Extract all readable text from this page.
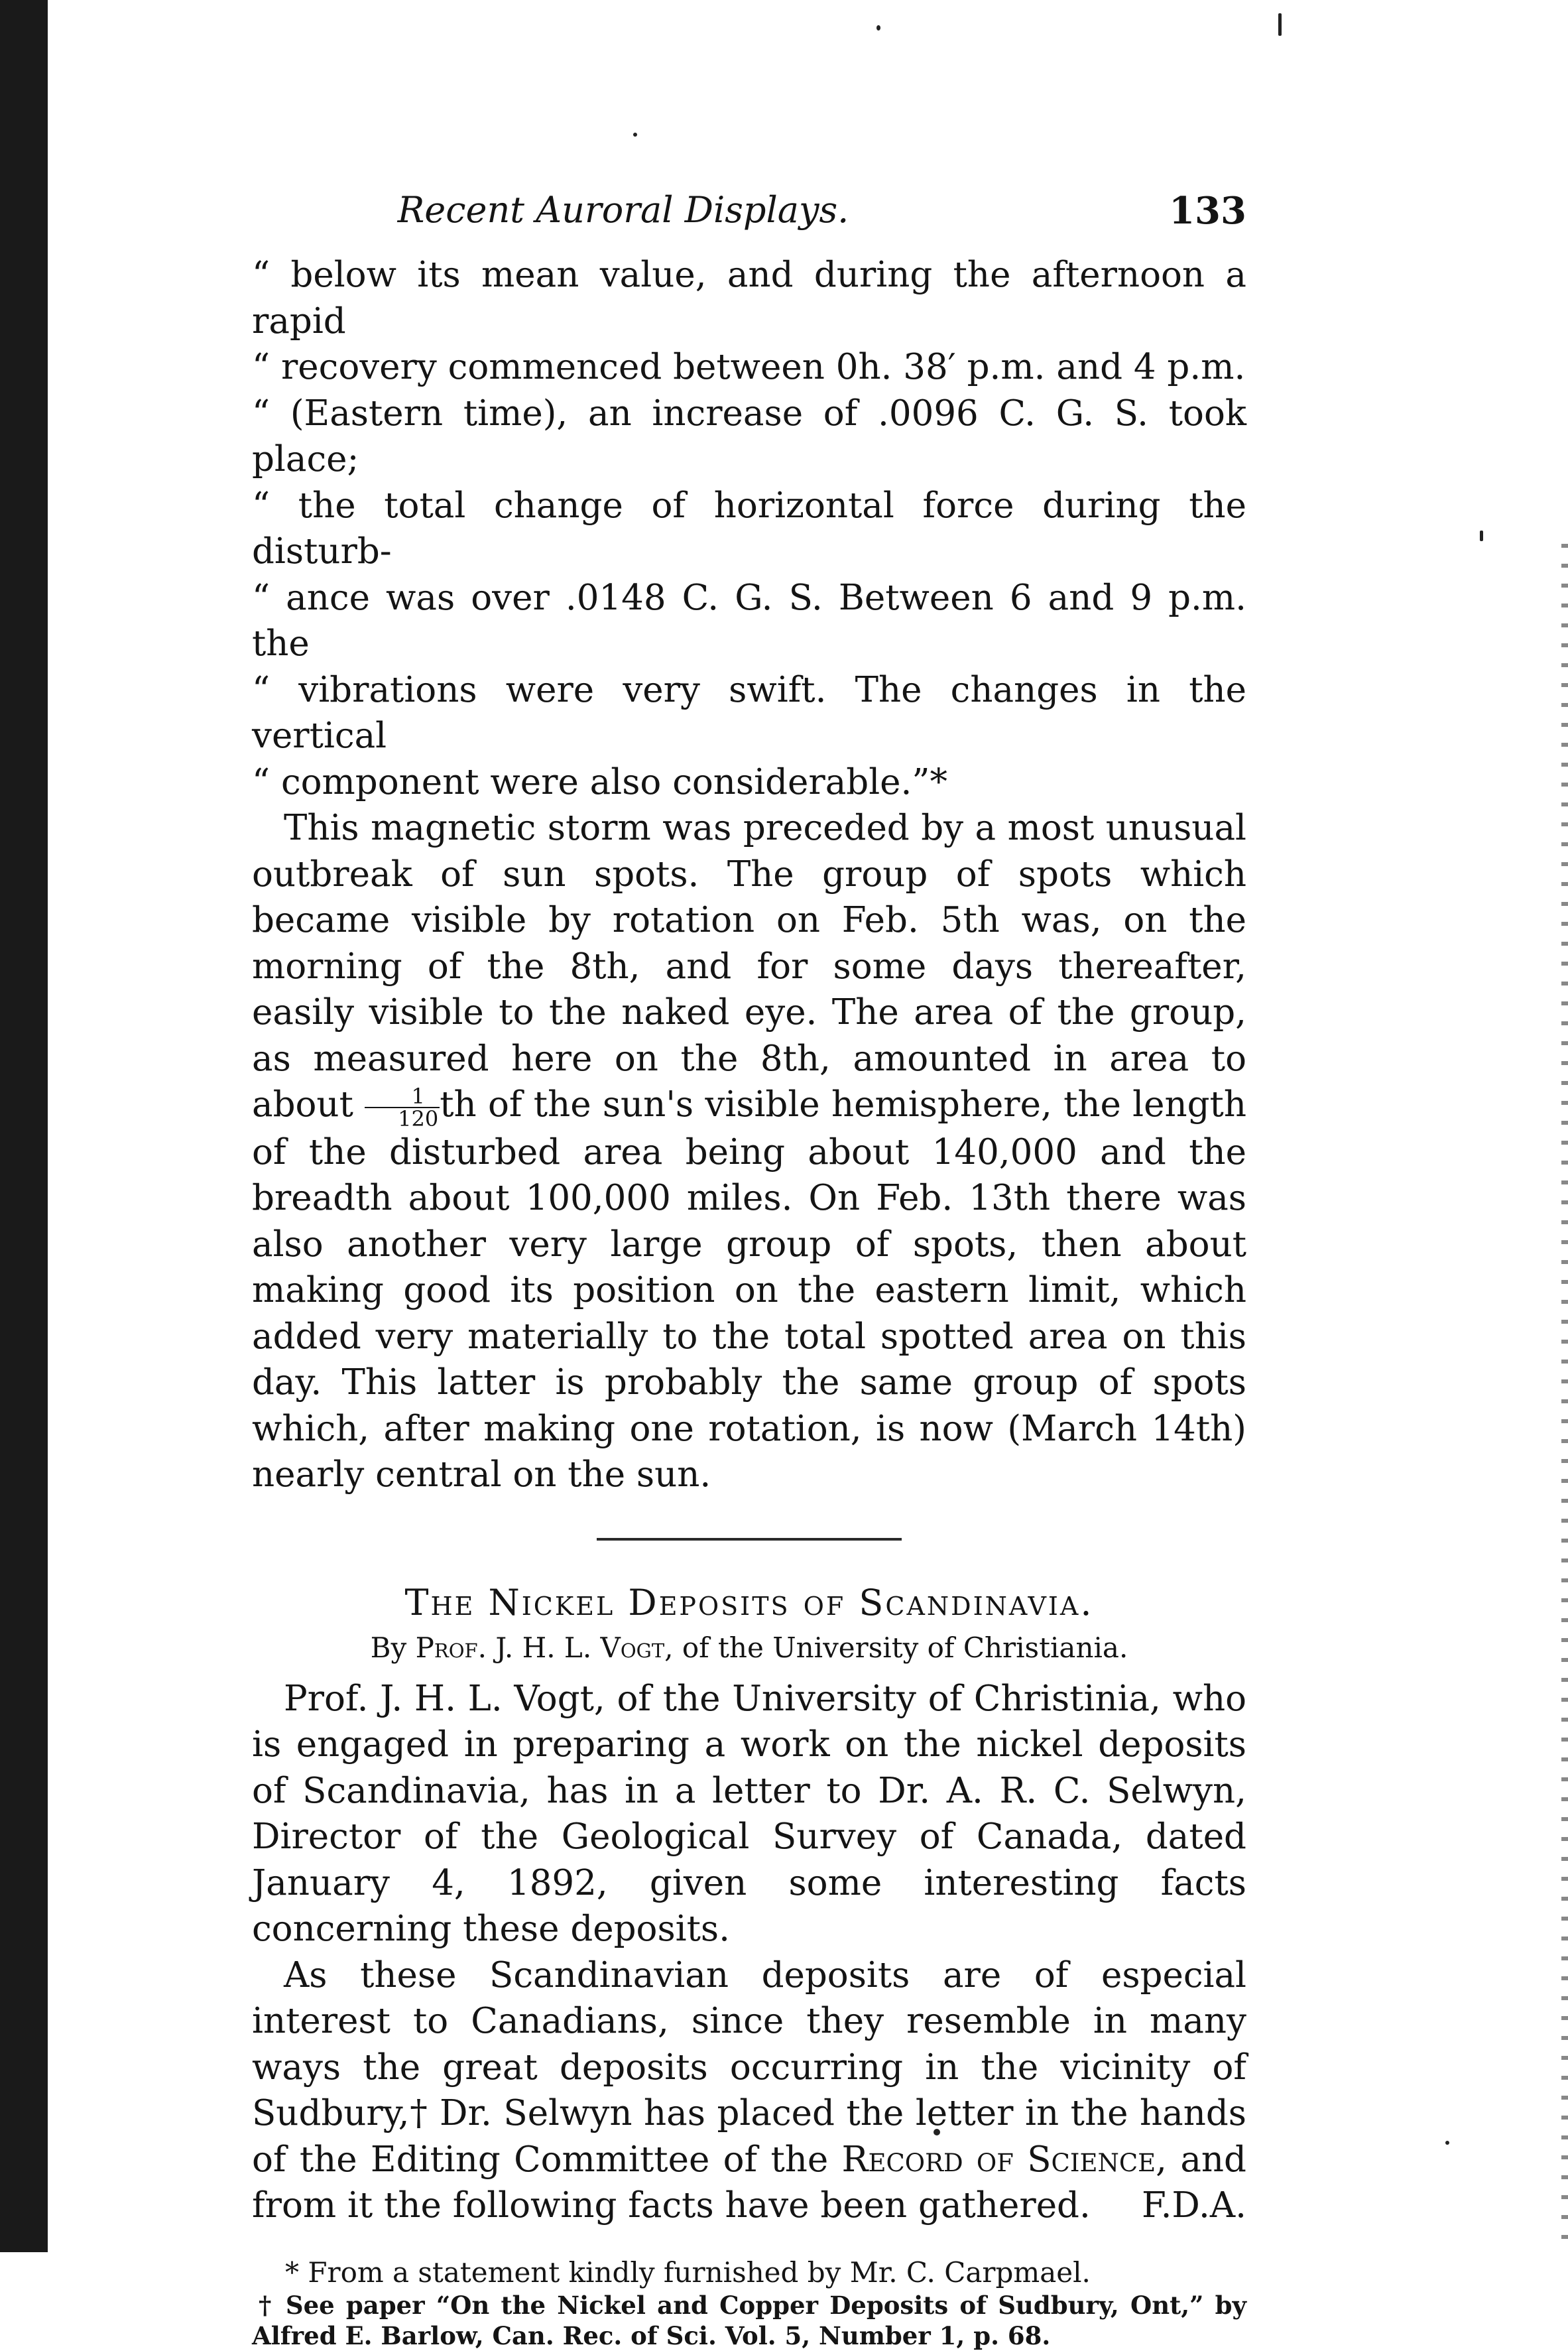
Recent Auroral Displays.	133

“ below its mean value, and during the afternoon a rapid

“ recovery commenced between 0h. 38′ p.m. and 4 p.m.

“ (Eastern time), an increase of .0096 C. G. S. took place;

“ the total change of horizontal force during the disturb-

“ ance was over .0148 C. G. S. Between 6 and 9 p.m. the

“ vibrations were very swift. The changes in the vertical

“ component were also considerable.”*

This magnetic storm was preceded by a most unusual outbreak of sun spots. The group of spots which became visible by rotation on Feb. 5th was, on the morning of the 8th, and for some days thereafter, easily visible to the naked eye. The area of the group, as measured here on the 8th, amounted in area to about $\frac{1}{120}$ th of the sun's visible hemisphere, the length of the disturbed area being about 140,000 and the breadth about 100,000 miles. On Feb. 13th there was also another very large group of spots, then about making good its position on the eastern limit, which added very materially to the total spotted area on this day. This latter is probably the same group of spots which, after making one rotation, is now (March 14th) nearly central on the sun.

The Nickel Deposits of Scandinavia.
By Prof. J. H. L. Vogt, of the University of Christiania.

Prof. J. H. L. Vogt, of the University of Christinia, who is engaged in preparing a work on the nickel deposits of Scandinavia, has in a letter to Dr. A. R. C. Selwyn, Director of the Geological Survey of Canada, dated January 4, 1892, given some interesting facts concerning these deposits.

As these Scandinavian deposits are of especial interest to Canadians, since they resemble in many ways the great deposits occurring in the vicinity of Sudbury,† Dr. Selwyn has placed the letter in the hands of the Editing Committee of the Record of Science, and from it the following facts have been gathered.	F.D.A.

* From a statement kindly furnished by Mr. C. Carpmael.

† See paper “On the Nickel and Copper Deposits of Sudbury, Ont,” by Alfred E. Barlow, Can. Rec. of Sci. Vol. 5, Number 1, p. 68.
